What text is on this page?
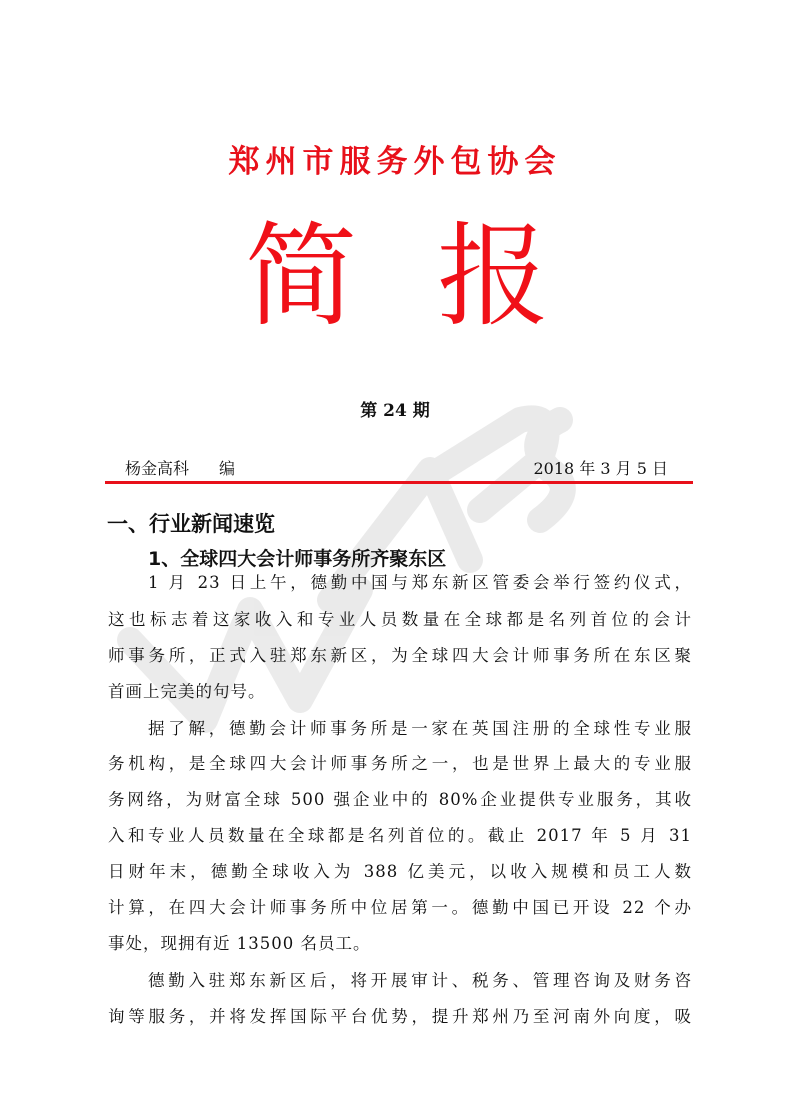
郑州市服务外包协会
简 报
第 24 期
杨金高科 编	2018 年 3 月 5 日
一、行业新闻速览
1、全球四大会计师事务所齐聚东区
1 月 23 日上午，德勤中国与郑东新区管委会举行签约仪式，
这也标志着这家收入和专业人员数量在全球都是名列首位的会计
师事务所，正式入驻郑东新区，为全球四大会计师事务所在东区聚
首画上完美的句号。
据了解，德勤会计师事务所是一家在英国注册的全球性专业服
务机构，是全球四大会计师事务所之一，也是世界上最大的专业服
务网络，为财富全球 500 强企业中的 80%企业提供专业服务，其收
入和专业人员数量在全球都是名列首位的。截止 2017 年 5 月 31
日财年末，德勤全球收入为 388 亿美元，以收入规模和员工人数
计算，在四大会计师事务所中位居第一。德勤中国已开设 22 个办
事处，现拥有近 13500 名员工。
德勤入驻郑东新区后，将开展审计、税务、管理咨询及财务咨
询等服务，并将发挥国际平台优势，提升郑州乃至河南外向度，吸
